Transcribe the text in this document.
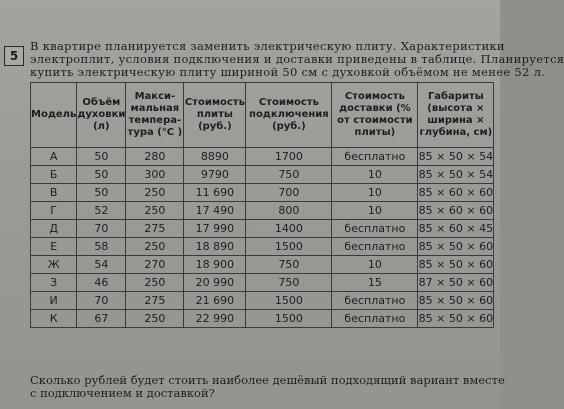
5
В квартире планируется заменить электрическую плиту. Характеристики
электроплит, условия подключения и доставки приведены в таблице. Планируется
купить электрическую плиту шириной 50 см с духовкой объёмом не менее 52 л.
Модель	Объём духовки (л)	Макси-мальная темпера-тура (°С )	Стоимость плиты (руб.)	Стоимость подключения (руб.)	Стоимость доставки (% от стоимости плиты)	Габариты (высота × ширина × глубина, см)
А	50	280	8890	1700	бесплатно	85 × 50 × 54
Б	50	300	9790	750	10	85 × 50 × 54
В	50	250	11 690	700	10	85 × 60 × 60
Г	52	250	17 490	800	10	85 × 60 × 60
Д	70	275	17 990	1400	бесплатно	85 × 60 × 45
Е	58	250	18 890	1500	бесплатно	85 × 50 × 60
Ж	54	270	18 900	750	10	85 × 50 × 60
З	46	250	20 990	750	15	87 × 50 × 60
И	70	275	21 690	1500	бесплатно	85 × 50 × 60
К	67	250	22 990	1500	бесплатно	85 × 50 × 60
Сколько рублей будет стоить наиболее дешёвый подходящий вариант вместе
с подключением и доставкой?
